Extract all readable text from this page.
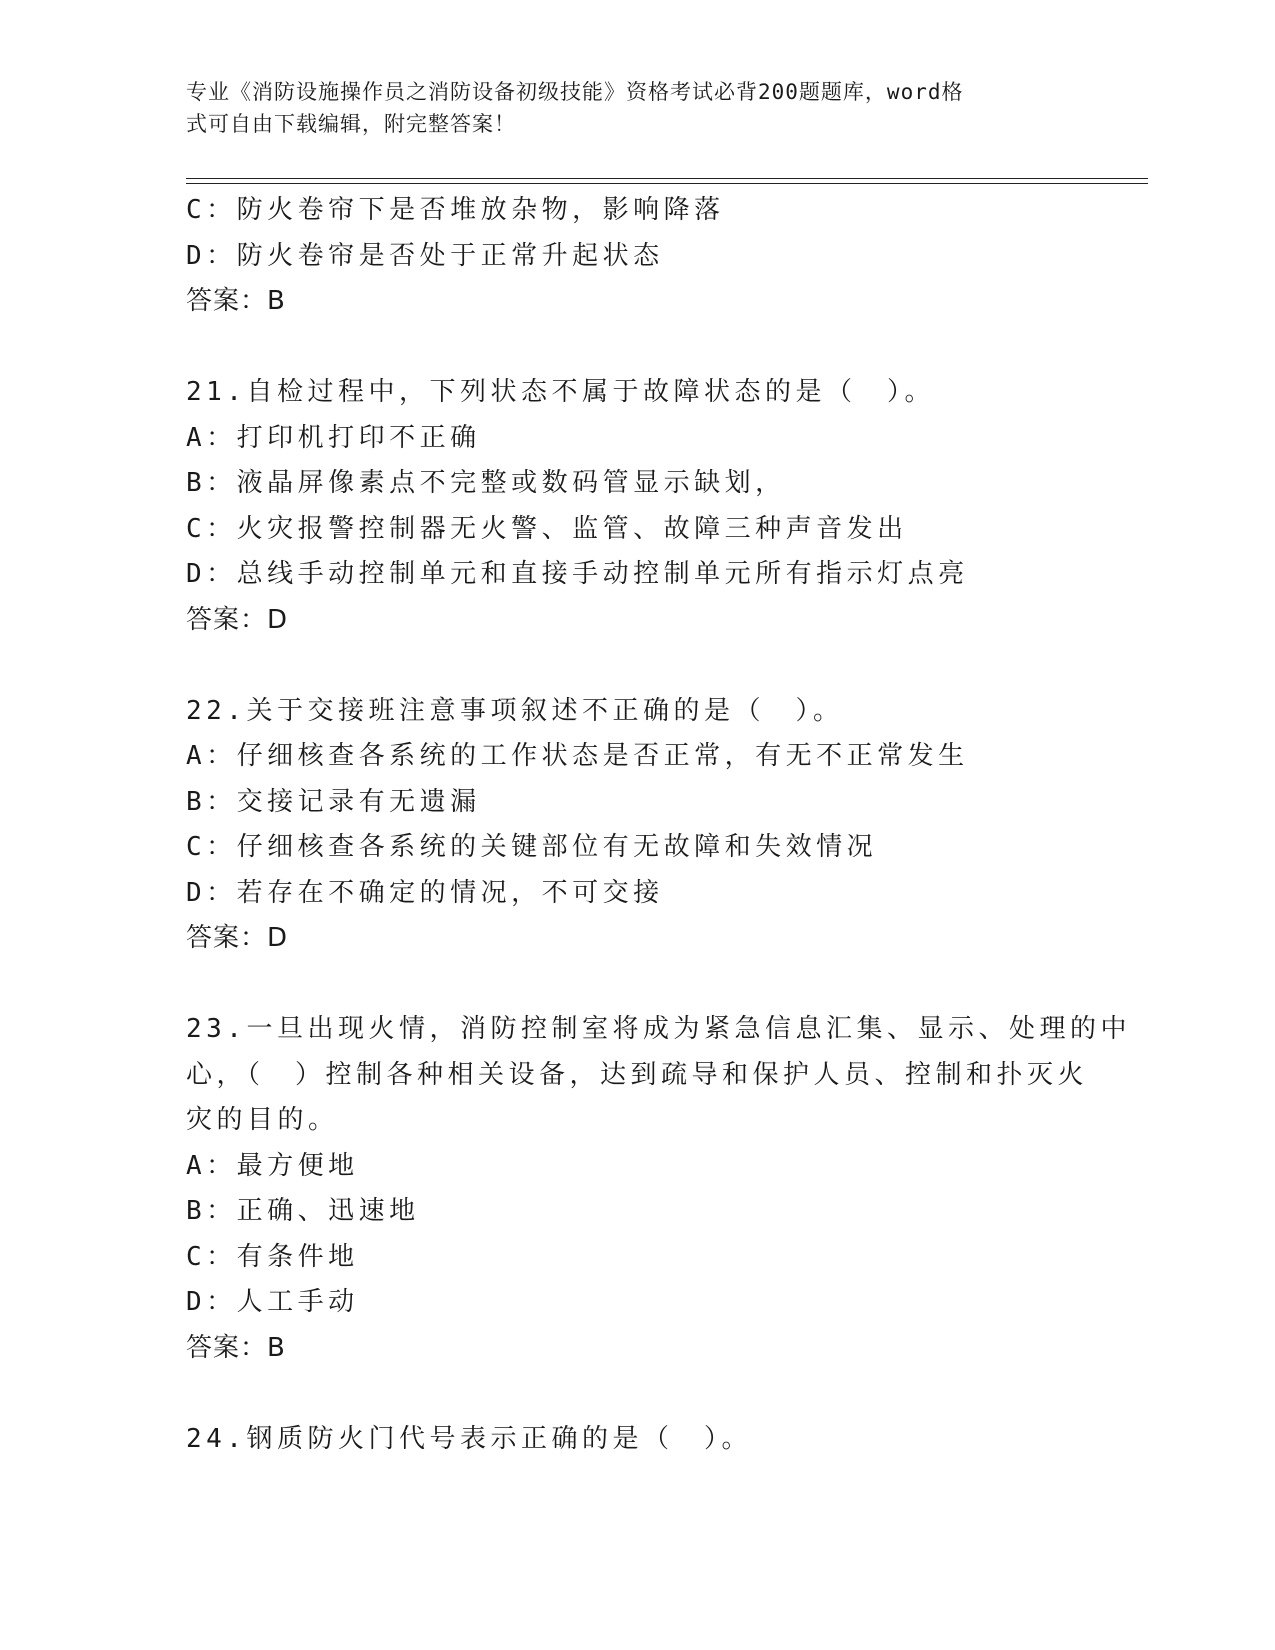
专业《消防设施操作员之消防设备初级技能》资格考试必背200题题库，word格
式可自由下载编辑，附完整答案！
C：防火卷帘下是否堆放杂物，影响降落
D：防火卷帘是否处于正常升起状态
答案：B
21.自检过程中，下列状态不属于故障状态的是（　）。
A：打印机打印不正确
B：液晶屏像素点不完整或数码管显示缺划，
C：火灾报警控制器无火警、监管、故障三种声音发出
D：总线手动控制单元和直接手动控制单元所有指示灯点亮
答案：D
22.关于交接班注意事项叙述不正确的是（　）。
A：仔细核查各系统的工作状态是否正常，有无不正常发生
B：交接记录有无遗漏
C：仔细核查各系统的关键部位有无故障和失效情况
D：若存在不确定的情况，不可交接
答案：D
23.一旦出现火情，消防控制室将成为紧急信息汇集、显示、处理的中
心，（　）控制各种相关设备，达到疏导和保护人员、控制和扑灭火
灾的目的。
A：最方便地
B：正确、迅速地
C：有条件地
D：人工手动
答案：B
24.钢质防火门代号表示正确的是（　）。
